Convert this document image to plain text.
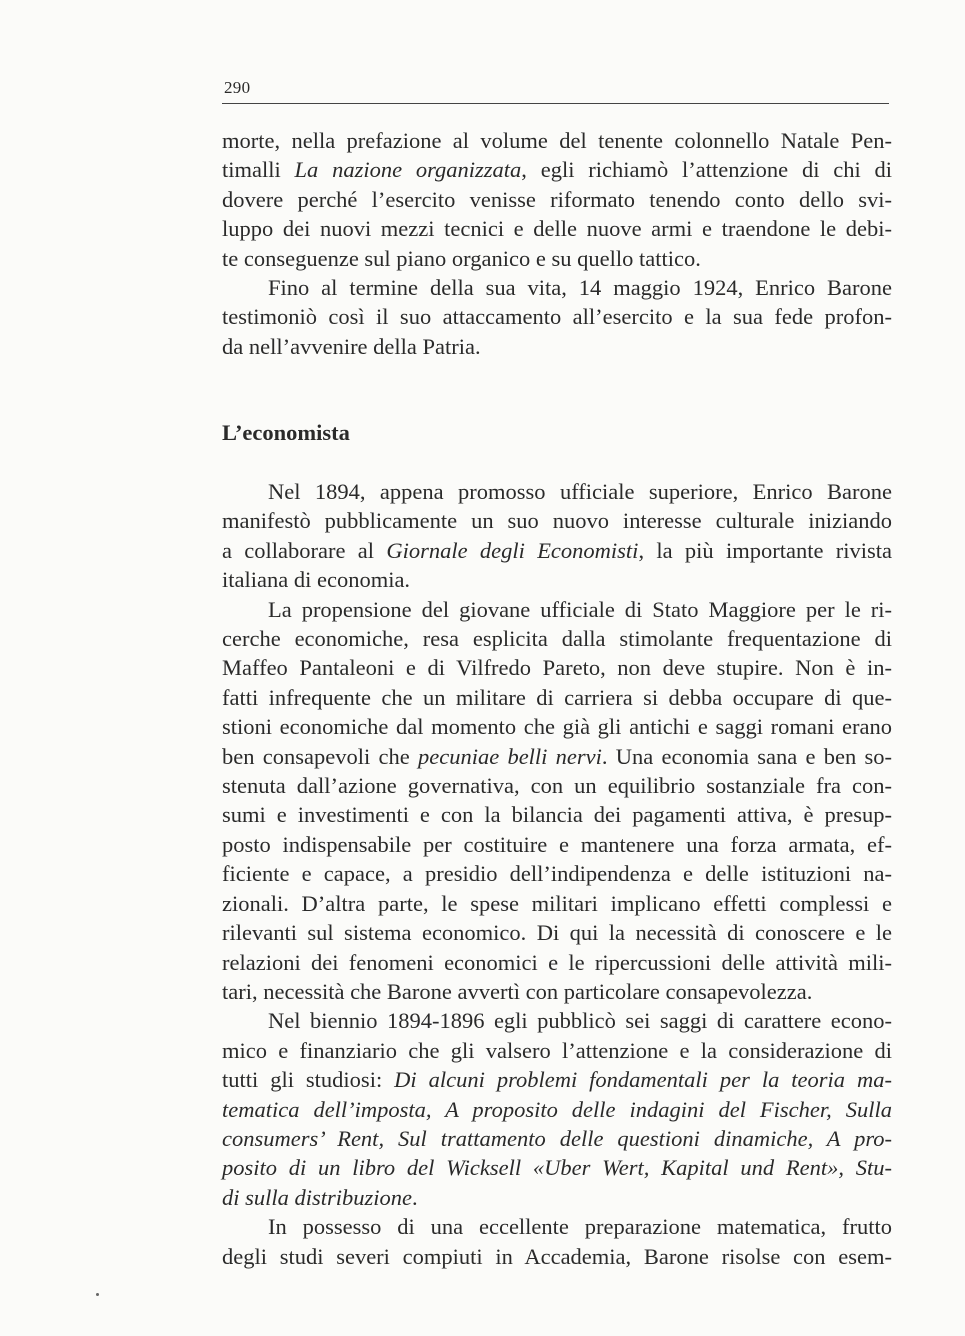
290
morte, nella prefazione al volume del tenente colonnello Natale Pen-
timalli La nazione organizzata, egli richiamò l’attenzione di chi di
dovere perché l’esercito venisse riformato tenendo conto dello svi-
luppo dei nuovi mezzi tecnici e delle nuove armi e traendone le debi-
te conseguenze sul piano organico e su quello tattico.
Fino al termine della sua vita, 14 maggio 1924, Enrico Barone
testimoniò così il suo attaccamento all’esercito e la sua fede profon-
da nell’avvenire della Patria.
L’economista
Nel 1894, appena promosso ufficiale superiore, Enrico Barone
manifestò pubblicamente un suo nuovo interesse culturale iniziando
a collaborare al Giornale degli Economisti, la più importante rivista
italiana di economia.
La propensione del giovane ufficiale di Stato Maggiore per le ri-
cerche economiche, resa esplicita dalla stimolante frequentazione di
Maffeo Pantaleoni e di Vilfredo Pareto, non deve stupire. Non è in-
fatti infrequente che un militare di carriera si debba occupare di que-
stioni economiche dal momento che già gli antichi e saggi romani erano
ben consapevoli che pecuniae belli nervi. Una economia sana e ben so-
stenuta dall’azione governativa, con un equilibrio sostanziale fra con-
sumi e investimenti e con la bilancia dei pagamenti attiva, è presup-
posto indispensabile per costituire e mantenere una forza armata, ef-
ficiente e capace, a presidio dell’indipendenza e delle istituzioni na-
zionali. D’altra parte, le spese militari implicano effetti complessi e
rilevanti sul sistema economico. Di qui la necessità di conoscere e le
relazioni dei fenomeni economici e le ripercussioni delle attività mili-
tari, necessità che Barone avvertì con particolare consapevolezza.
Nel biennio 1894-1896 egli pubblicò sei saggi di carattere econo-
mico e finanziario che gli valsero l’attenzione e la considerazione di
tutti gli studiosi: Di alcuni problemi fondamentali per la teoria ma-
tematica dell’imposta, A proposito delle indagini del Fischer, Sulla
consumers’ Rent, Sul trattamento delle questioni dinamiche, A pro-
posito di un libro del Wicksell «Uber Wert, Kapital und Rent», Stu-
di sulla distribuzione.
In possesso di una eccellente preparazione matematica, frutto
degli studi severi compiuti in Accademia, Barone risolse con esem-
